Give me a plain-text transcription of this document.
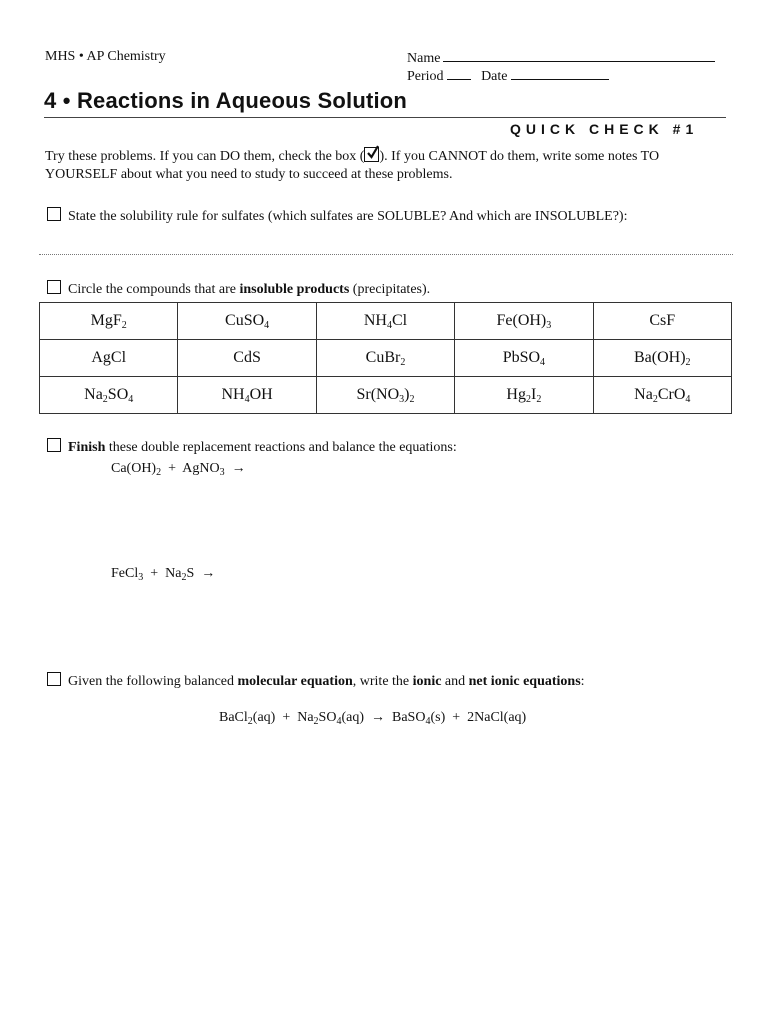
MHS • AP Chemistry	Name
Period	Date
4 • Reactions in Aqueous Solution
QUICK CHECK #1
Try these problems. If you can DO them, check the box ( ). If you CANNOT do them, write some notes TO
YOURSELF about what you need to study to succeed at these problems.
State the solubility rule for sulfates (which sulfates are SOLUBLE? And which are INSOLUBLE?):
Circle the compounds that are insoluble products (precipitates).
MgF$_2$	CuSO$_4$	$NH_4Cl$	$Fe(OH)_3$	CsF
AgCl	CdS	CuBr$_2$	PbSO$_4$	$Ba(OH)_2$
$Na_2SO_4$	$NH_4OH$	$Sr(NO_3)_2$	$Hg_2I_2$	$Na_2CrO_4$
Finish these double replacement reactions and balance the equations:
$Ca(OH)_2$  +  AgNO$_3$  →
FeCl$_3$  +  $Na_2S$  →
Given the following balanced molecular equation, write the ionic and net ionic equations:
BaCl$_2$(aq)  +  $Na_2SO_4(aq)$  →  BaSO$_4$(s)  +  2NaCl(aq)
